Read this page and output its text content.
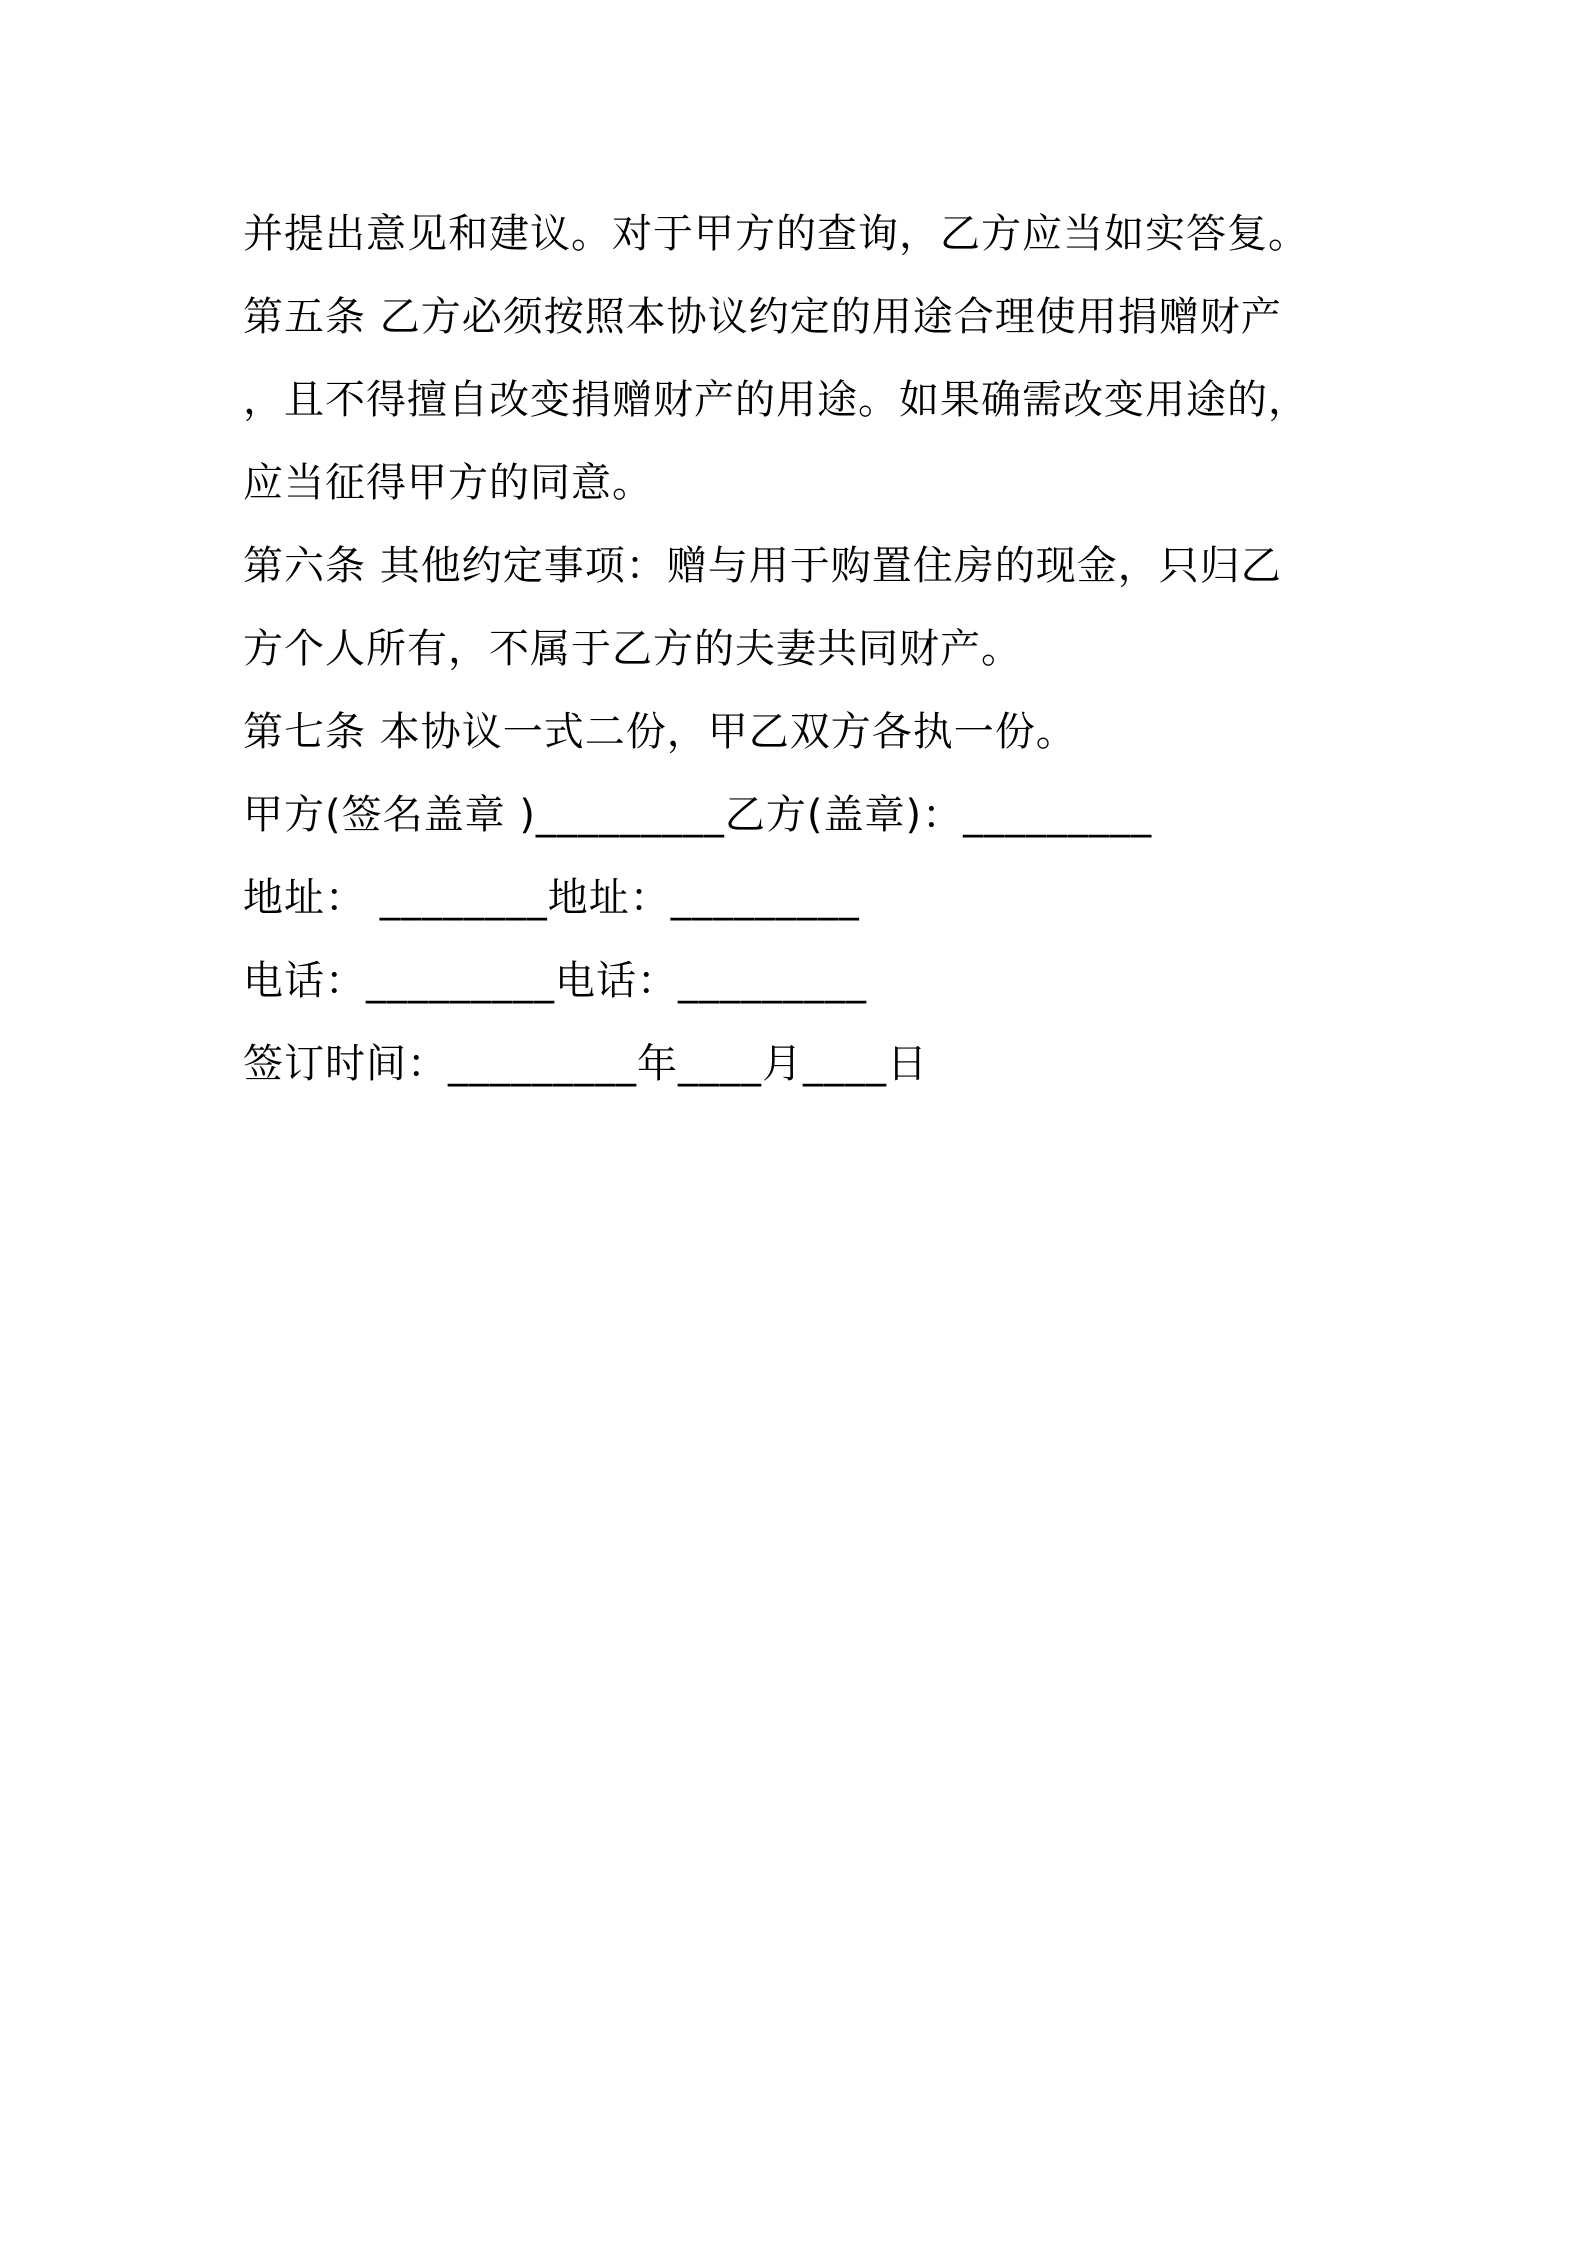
并提出意见和建议。对于甲方的查询，乙方应当如实答复。
第五条 乙方必须按照本协议约定的用途合理使用捐赠财产
，且不得擅自改变捐赠财产的用途。如果确需改变用途的，
应当征得甲方的同意。
第六条 其他约定事项：赠与用于购置住房的现金，只归乙
方个人所有，不属于乙方的夫妻共同财产。
第七条 本协议一式二份，甲乙双方各执一份。
甲方(签名盖章 )_________乙方(盖章)：_________
地址： ________地址：_________
电话：_________电话：_________
签订时间：_________年____月____日
